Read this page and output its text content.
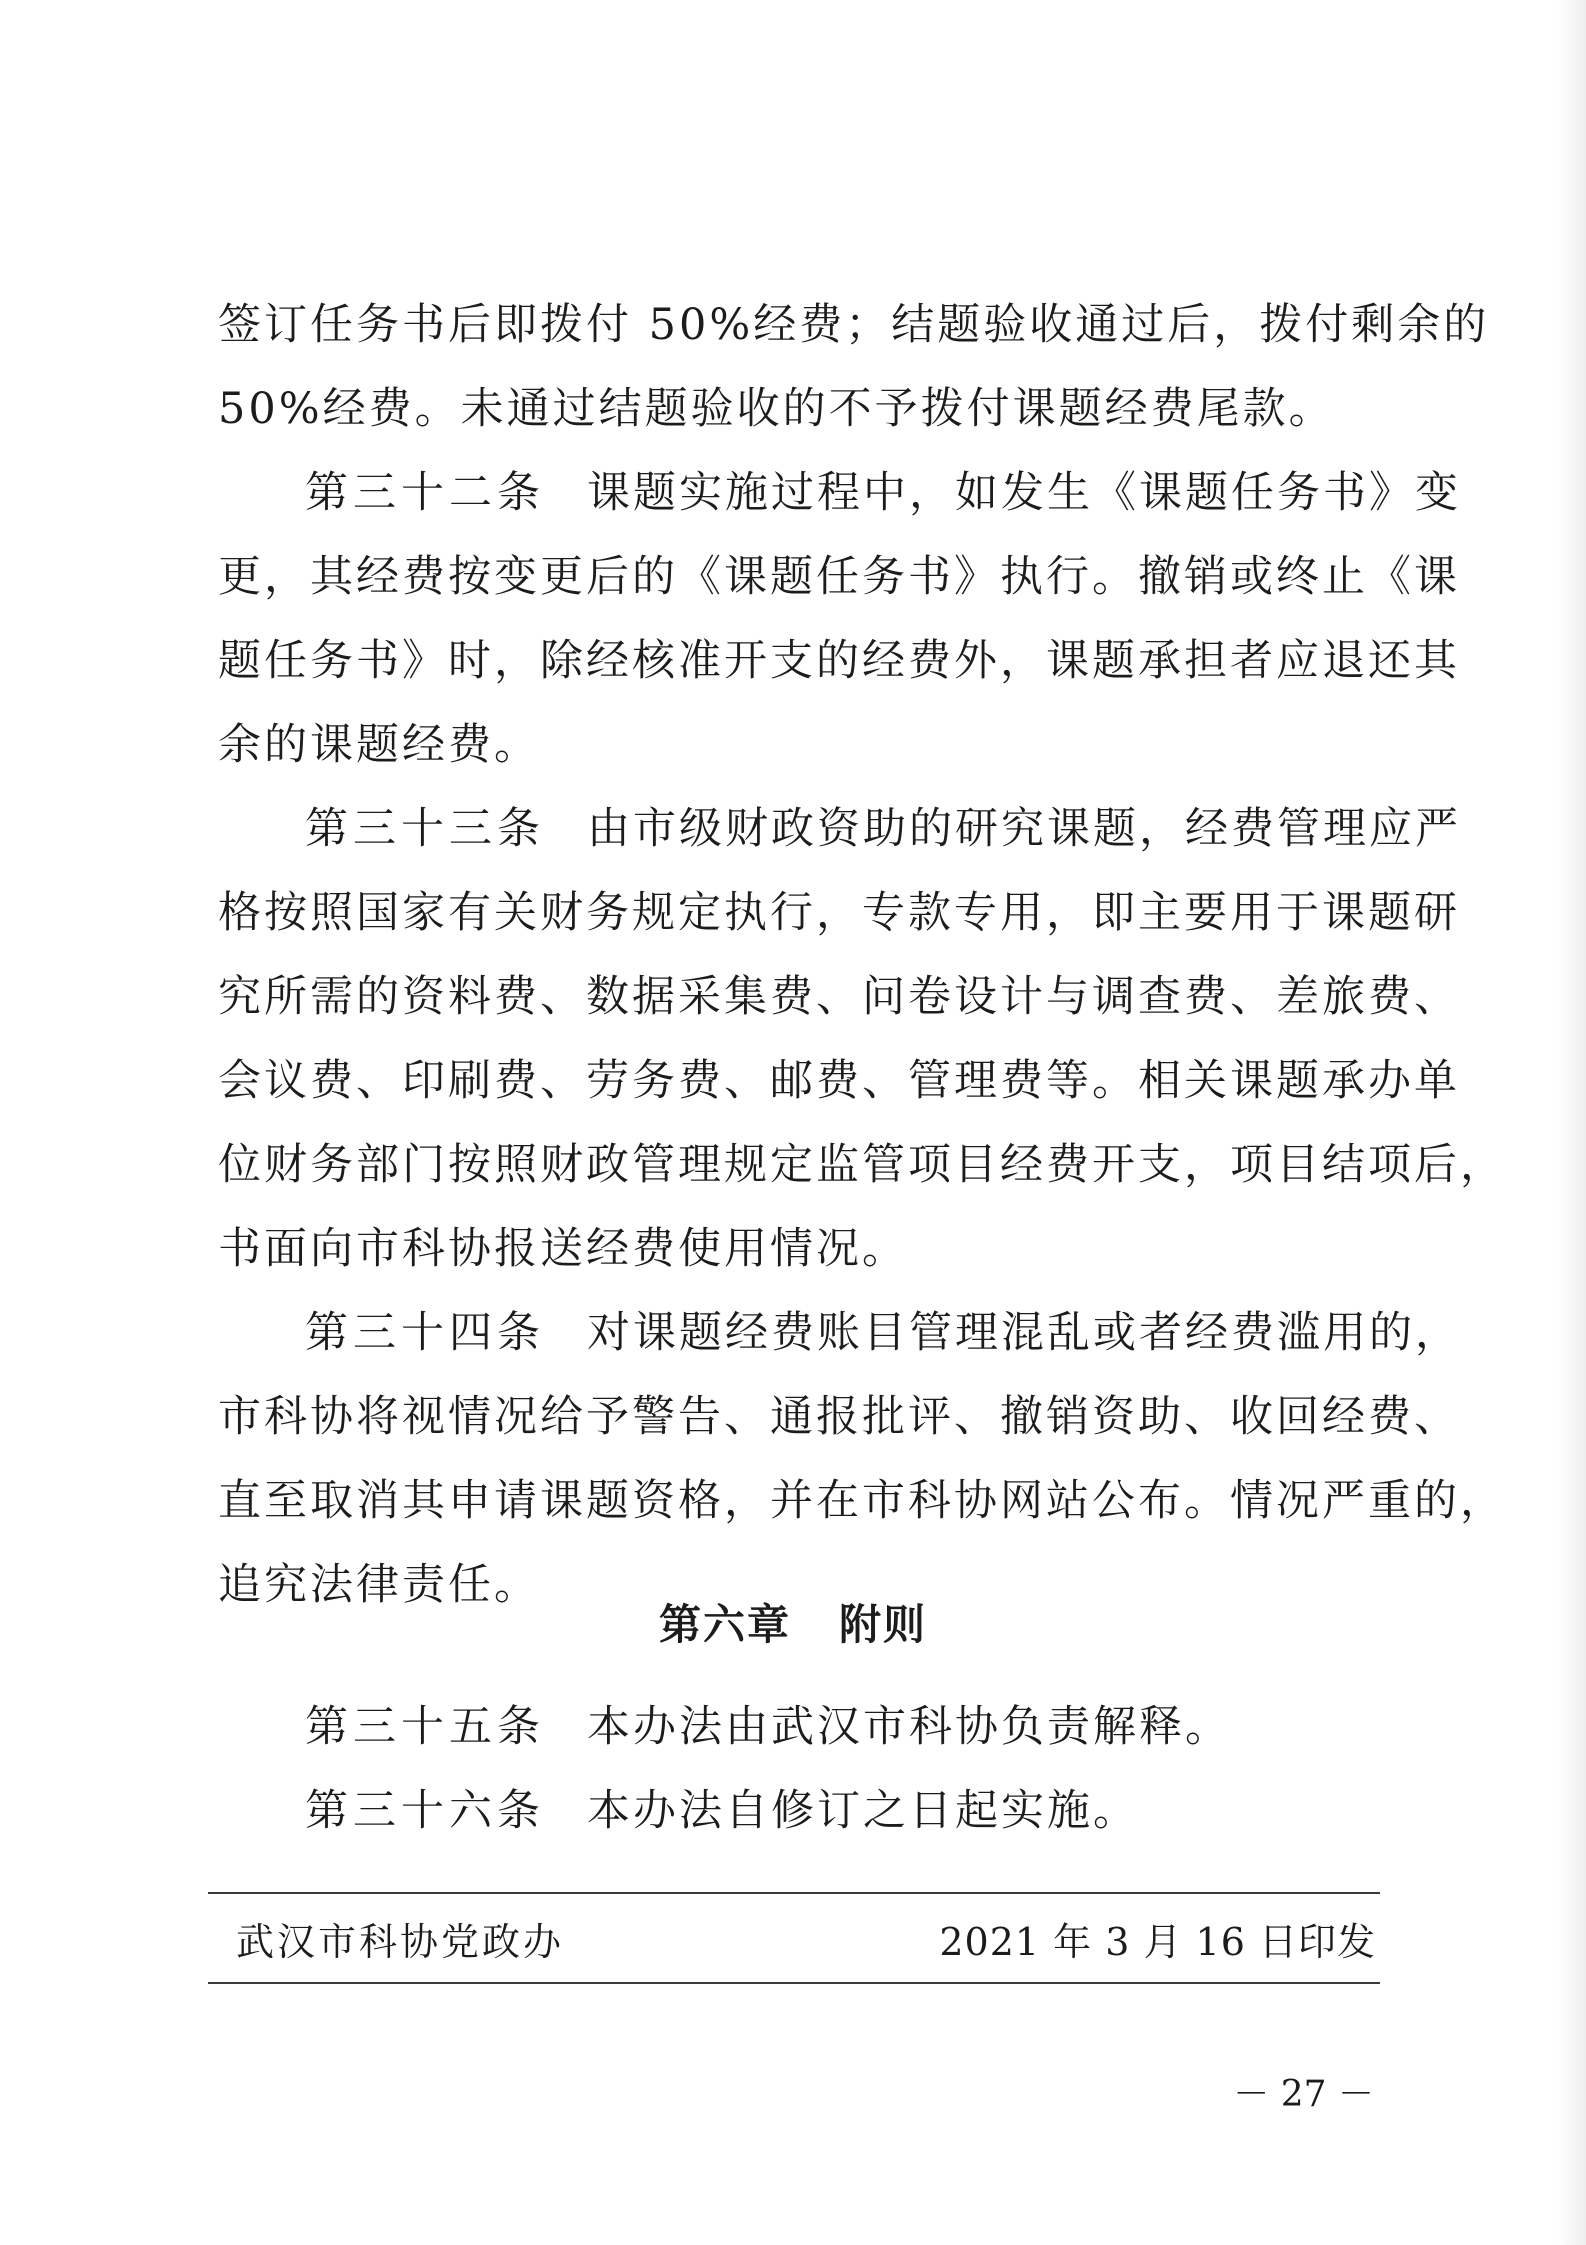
签订任务书后即拨付 50%经费；结题验收通过后，拨付剩余的
50%经费。未通过结题验收的不予拨付课题经费尾款。
第三十二条 课题实施过程中，如发生《课题任务书》变
更，其经费按变更后的《课题任务书》执行。撤销或终止《课
题任务书》时，除经核准开支的经费外，课题承担者应退还其
余的课题经费。
第三十三条 由市级财政资助的研究课题，经费管理应严
格按照国家有关财务规定执行，专款专用，即主要用于课题研
究所需的资料费、数据采集费、问卷设计与调查费、差旅费、
会议费、印刷费、劳务费、邮费、管理费等。相关课题承办单
位财务部门按照财政管理规定监管项目经费开支，项目结项后，
书面向市科协报送经费使用情况。
第三十四条 对课题经费账目管理混乱或者经费滥用的，
市科协将视情况给予警告、通报批评、撤销资助、收回经费、
直至取消其申请课题资格，并在市科协网站公布。情况严重的，
追究法律责任。
第六章 附则
第三十五条 本办法由武汉市科协负责解释。
第三十六条 本办法自修订之日起实施。
武汉市科协党政办	2021 年 3 月 16 日印发
－ 27 －
